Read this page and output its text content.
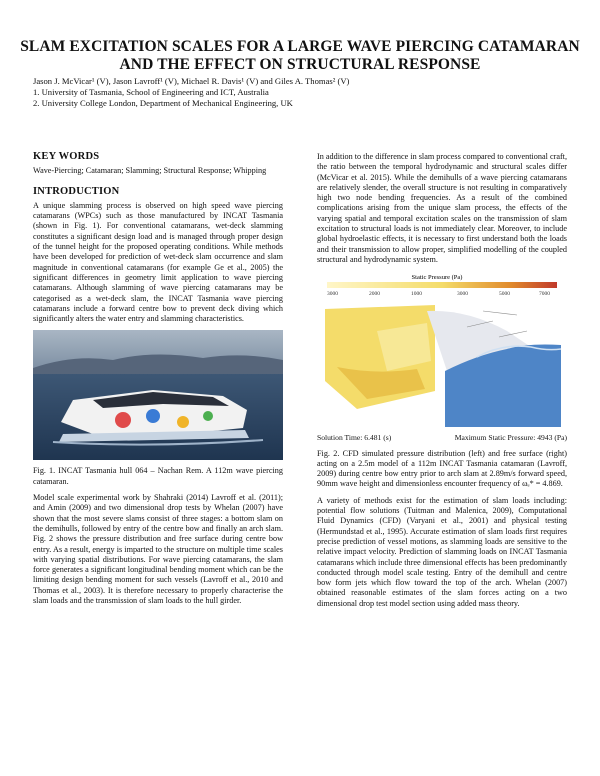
SLAM EXCITATION SCALES FOR A LARGE WAVE PIERCING CATAMARAN AND THE EFFECT ON STRUCTURAL RESPONSE
Jason J. McVicar¹ (V), Jason Lavroff¹ (V), Michael R. Davis¹ (V) and Giles A. Thomas² (V)
1. University of Tasmania, School of Engineering and ICT, Australia
2. University College London, Department of Mechanical Engineering, UK
KEY WORDS

Wave-Piercing; Catamaran; Slamming; Structural Response; Whipping

INTRODUCTION

A unique slamming process is observed on high speed wave piercing catamarans (WPCs) such as those manufactured by INCAT Tasmania (shown in Fig. 1). For conventional catamarans, wet-deck slamming constitutes a significant design load and is managed through proper design of the tunnel height for the proposed operating conditions. While methods have been developed for prediction of wet-deck slam occurrence and slam magnitude in conventional catamarans (for example Ge et al., 2005) the significant differences in geometry limit application to wave piercing catamarans. Although slamming of wave piercing catamarans may be categorised as a wet-deck slam, the INCAT Tasmania wave piercing catamarans include a forward centre bow to prevent deck diving which significantly alters the water entry and slamming characteristics.

Fig. 1. INCAT Tasmania hull 064 – Nachan Rem. A 112m wave piercing catamaran.

Model scale experimental work by Shahraki (2014) Lavroff et al. (2011); and Amin (2009) and two dimensional drop tests by Whelan (2007) have shown that the most severe slams consist of three stages: a bottom slam on the demihulls, followed by entry of the centre bow and finally an arch slam. Fig. 2 shows the pressure distribution and free surface during centre bow entry. As a result, energy is imparted to the structure on multiple time scales with varying spatial distributions. For wave piercing catamarans, the slam force generates a significant longitudinal bending moment which can be the limiting design bending moment for such vessels (Lavroff et al., 2010 and Thomas et al., 2003). It is therefore necessary to properly characterise the slam loads and the transmission of slam loads to the hull girder.

In addition to the difference in slam process compared to conventional craft, the ratio between the temporal hydrodynamic and structural scales differ (McVicar et al. 2015). While the demihulls of a wave piercing catamarans are relatively slender, the overall structure is not resulting in comparatively high two node bending frequencies. As a result of the combined complications arising from the unique slam process, the effects of the varying spatial and temporal excitation scales on the transmission of slam excitation to structural loads is not immediately clear. Moreover, to include global hydroelastic effects, it is necessary to first understand both the loads and their transmission to allow proper, simplified modelling of the coupled structural and hydrodynamic system.

Static Pressure (Pa)
3000	2000	1000	3000	5000	7000
Solution Time: 6.481 (s)	Maximum Static Pressure: 4943 (Pa)

Fig. 2. CFD simulated pressure distribution (left) and free surface (right) acting on a 2.5m model of a 112m INCAT Tasmania catamaran (Lavroff, 2009) during centre bow entry prior to arch slam at 2.89m/s forward speed, 90mm wave height and dimensionless encounter frequency of ωₑ* = 4.869.

A variety of methods exist for the estimation of slam loads including: potential flow solutions (Tuitman and Malenica, 2009), Computational Fluid Dynamics (CFD) (Varyani et al., 2001) and physical testing (Hermundstad et al., 1995). Accurate estimation of slam loads first requires precise prediction of vessel motions, as slamming loads are sensitive to the relative impact velocity. Prediction of slamming loads on INCAT Tasmania catamarans which include three dimensional effects has been predominantly conducted through model scale testing. Entry of the demihull and centre bow form jets which flow toward the top of the arch. Whelan (2007) obtained reasonable estimates of the slam forces acting on a two dimensional drop test model section using added mass theory.
